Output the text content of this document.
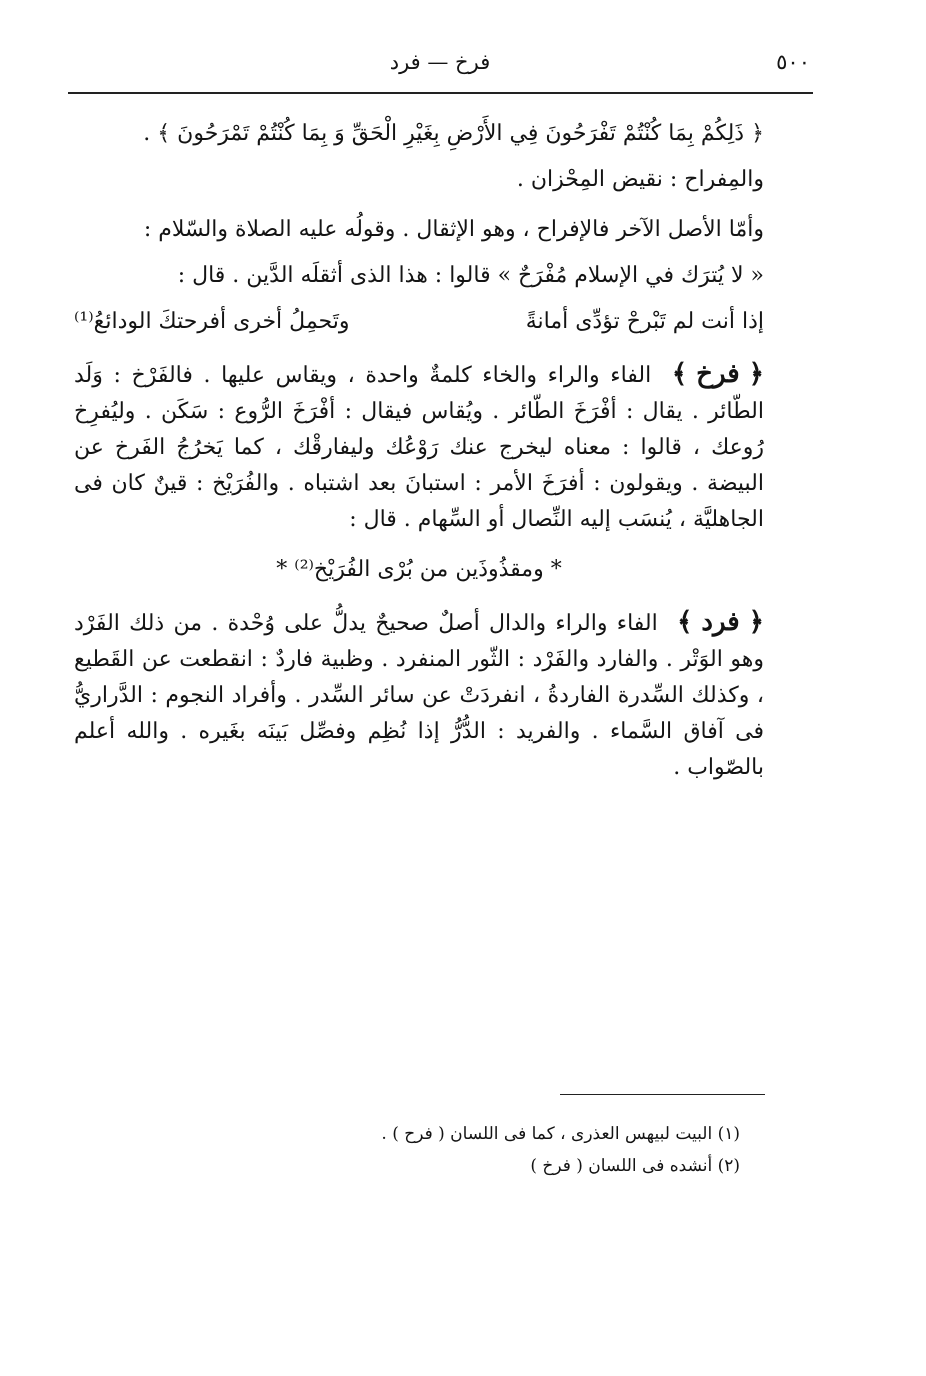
٥٠٠
فرخ — فرد

﴿ ذَلِكُمْ بِمَا كُنْتُمْ تَفْرَحُونَ فِي الأَرْضِ بِغَيْرِ الْحَقِّ وَ بِمَا كُنْتُمْ تَمْرَحُونَ ﴾ .

والمِفراح : نقيض المِحْزان .

وأمّا الأصل الآخر فالإفراح ، وهو الإثقال . وقولُه عليه الصلاة والسّلام :

« لا يُترَك في الإسلام مُفْرَحٌ » قالوا : هذا الذى أثقلَه الدَّين . قال :

إذا أنت لم تَبْرحْ تؤدِّى أمانةً
وتَحمِلُ أخرى أفرحتكَ الودائعُ⁽¹⁾

﴿ فرخ ﴾ الفاء والراء والخاء كلمةٌ واحدة ، ويقاس عليها . فالفَرْخ : وَلَد الطّائر . يقال : أفْرَخَ الطّائر . ويُقاس فيقال : أفْرَخَ الرُّوع : سَكَن . وليُفرِخ رُوعك ، قالوا : معناه ليخرج عنك رَوْعُك وليفارقْك ، كما يَخرُجُ الفَرخ عن البيضة . ويقولون : أفرَخَ الأمر : استبانَ بعد اشتباه . والفُرَيْخ : قينٌ كان فى الجاهليَّة ، يُنسَب إليه النِّصال أو السِّهام . قال :

* ومقذُوذَين من بُرْى الفُرَيْخ⁽²⁾ *

﴿ فرد ﴾ الفاء والراء والدال أصلٌ صحيحٌ يدلُّ على وُحْدة . من ذلك الفَرْد وهو الوَتْر . والفارد والفَرْد : الثّور المنفرد . وظبية فاردٌ : انقطعت عن القَطيع ، وكذلك السِّدرة الفاردةُ ، انفردَتْ عن سائر السِّدر . وأفراد النجوم : الدَّراريُّ فى آفاق السَّماء . والفريد : الدُّرُّ إذا نُظِم وفصِّل بَينَه بغَيره . والله أعلم بالصّواب .

(١) البيت لبيهس العذرى ، كما فى اللسان ( فرح ) .

(٢) أنشده فى اللسان ( فرخ )
